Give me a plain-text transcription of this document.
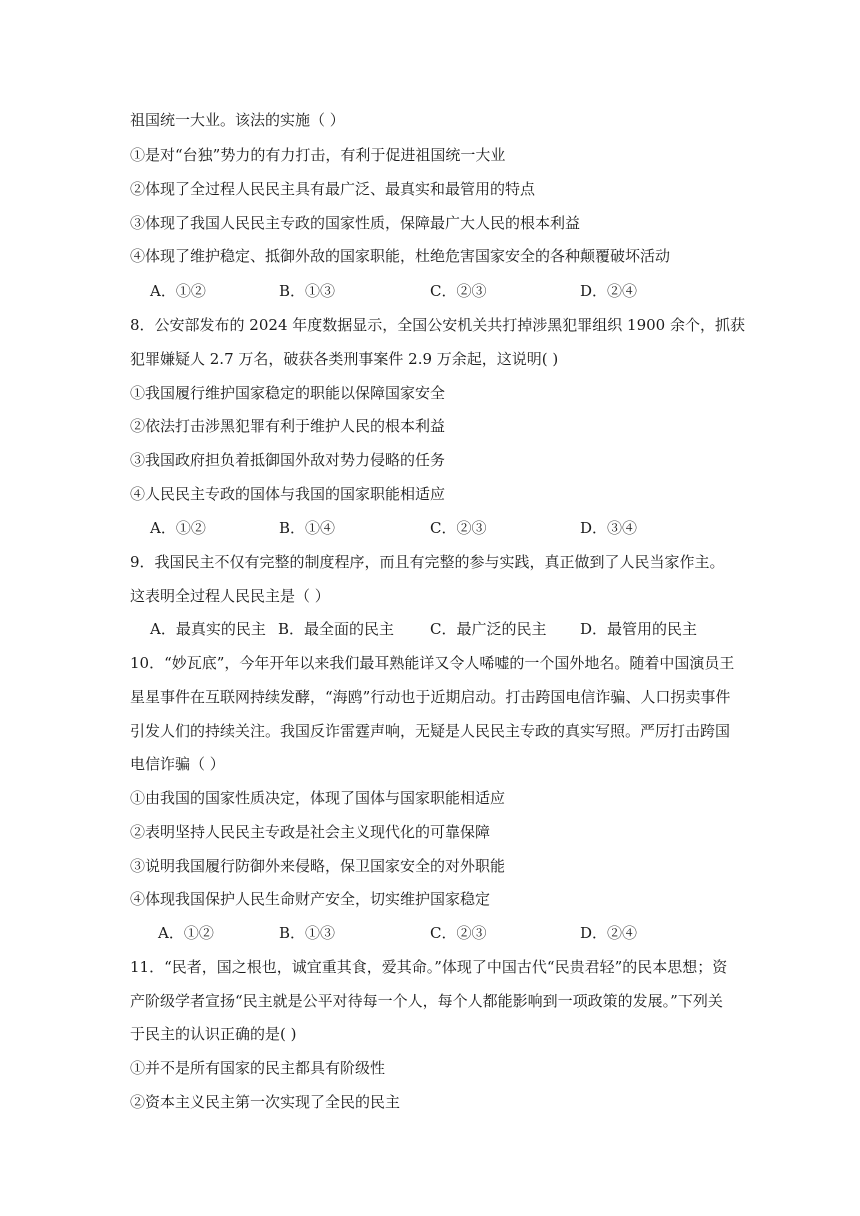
祖国统一大业。该法的实施（ ）
①是对“台独”势力的有力打击，有利于促进祖国统一大业
②体现了全过程人民民主具有最广泛、最真实和最管用的特点
③体现了我国人民民主专政的国家性质，保障最广大人民的根本利益
④体现了维护稳定、抵御外敌的国家职能，杜绝危害国家安全的各种颠覆破坏活动
A．①②	B．①③	C．②③	D．②④
8．公安部发布的 2024 年度数据显示，全国公安机关共打掉涉黑犯罪组织 1900 余个，抓获
犯罪嫌疑人 2.7 万名，破获各类刑事案件 2.9 万余起，这说明( )
①我国履行维护国家稳定的职能以保障国家安全
②依法打击涉黑犯罪有利于维护人民的根本利益
③我国政府担负着抵御国外敌对势力侵略的任务
④人民民主专政的国体与我国的国家职能相适应
A．①②	B．①④	C．②③	D．③④
9．我国民主不仅有完整的制度程序，而且有完整的参与实践，真正做到了人民当家作主。
这表明全过程人民民主是（ ）
A．最真实的民主 B．最全面的民主 C．最广泛的民主 D．最管用的民主
10．“妙瓦底”，今年开年以来我们最耳熟能详又令人唏嘘的一个国外地名。随着中国演员王
星星事件在互联网持续发酵，“海鸥”行动也于近期启动。打击跨国电信诈骗、人口拐卖事件
引发人们的持续关注。我国反诈雷霆声响，无疑是人民民主专政的真实写照。严厉打击跨国
电信诈骗（ ）
①由我国的国家性质决定，体现了国体与国家职能相适应
②表明坚持人民民主专政是社会主义现代化的可靠保障
③说明我国履行防御外来侵略，保卫国家安全的对外职能
④体现我国保护人民生命财产安全，切实维护国家稳定
A．①②	B．①③	C．②③	D．②④
11．“民者，国之根也，诚宜重其食，爱其命。”体现了中国古代“民贵君轻”的民本思想；资
产阶级学者宣扬“民主就是公平对待每一个人，每个人都能影响到一项政策的发展。”下列关
于民主的认识正确的是( )
①并不是所有国家的民主都具有阶级性
②资本主义民主第一次实现了全民的民主
